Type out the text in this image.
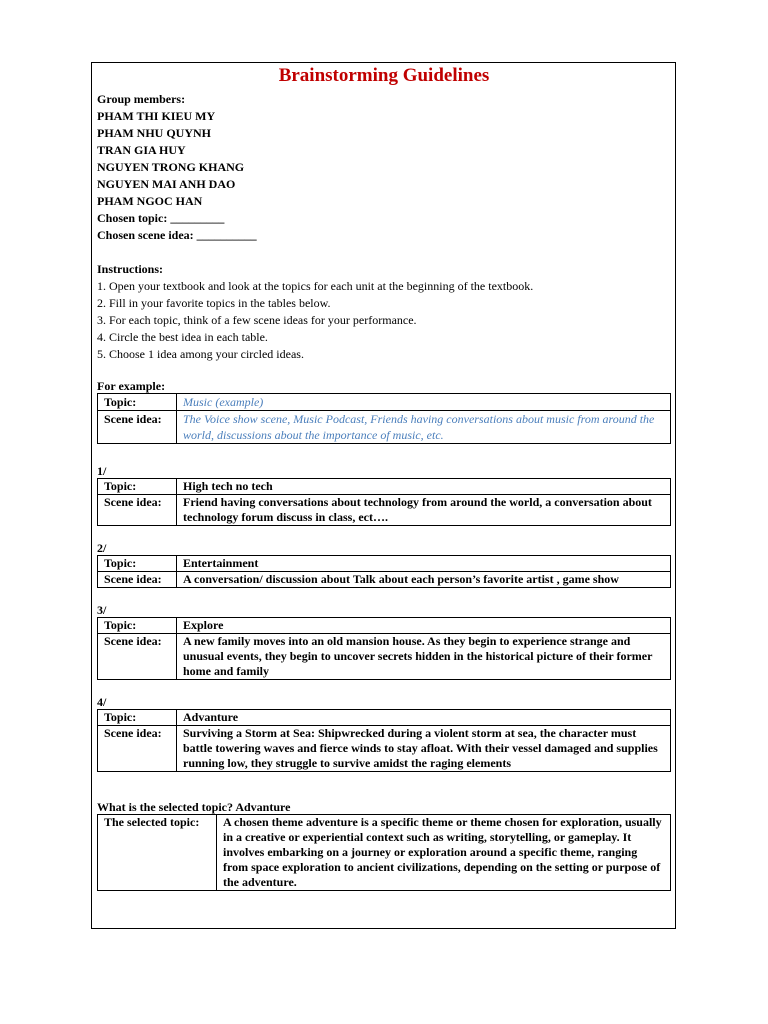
Brainstorming Guidelines
Group members:
PHAM THI KIEU MY
PHAM NHU QUYNH
TRAN GIA HUY
NGUYEN TRONG KHANG
NGUYEN MAI ANH DAO
PHAM NGOC HAN
Chosen topic: _________
Chosen scene idea: __________
Instructions:
1. Open your textbook and look at the topics for each unit at the beginning of the textbook.
2. Fill in your favorite topics in the tables below.
3. For each topic, think of a few scene ideas for your performance.
4. Circle the best idea in each table.
5. Choose 1 idea among your circled ideas.
For example:
Topic:	Music (example)
Scene idea:	The Voice show scene, Music Podcast, Friends having conversations about music from around the world, discussions about the importance of music, etc.
1/
Topic:	High tech no tech
Scene idea:	Friend having conversations about technology from around the world, a conversation about technology forum discuss in class, ect….
2/
Topic:	Entertainment
Scene idea:	A conversation/ discussion about Talk about each person’s favorite artist , game show
3/
Topic:	Explore
Scene idea:	A new family moves into an old mansion house. As they begin to experience strange and unusual events, they begin to uncover secrets hidden in the historical picture of their former home and family
4/
Topic:	Advanture
Scene idea:	Surviving a Storm at Sea: Shipwrecked during a violent storm at sea, the character must battle towering waves and fierce winds to stay afloat. With their vessel damaged and supplies running low, they struggle to survive amidst the raging elements
What is the selected topic? Advanture
The selected topic:	A chosen theme adventure is a specific theme or theme chosen for exploration, usually in a creative or experiential context such as writing, storytelling, or gameplay. It involves embarking on a journey or exploration around a specific theme, ranging from space exploration to ancient civilizations, depending on the setting or purpose of the adventure.
